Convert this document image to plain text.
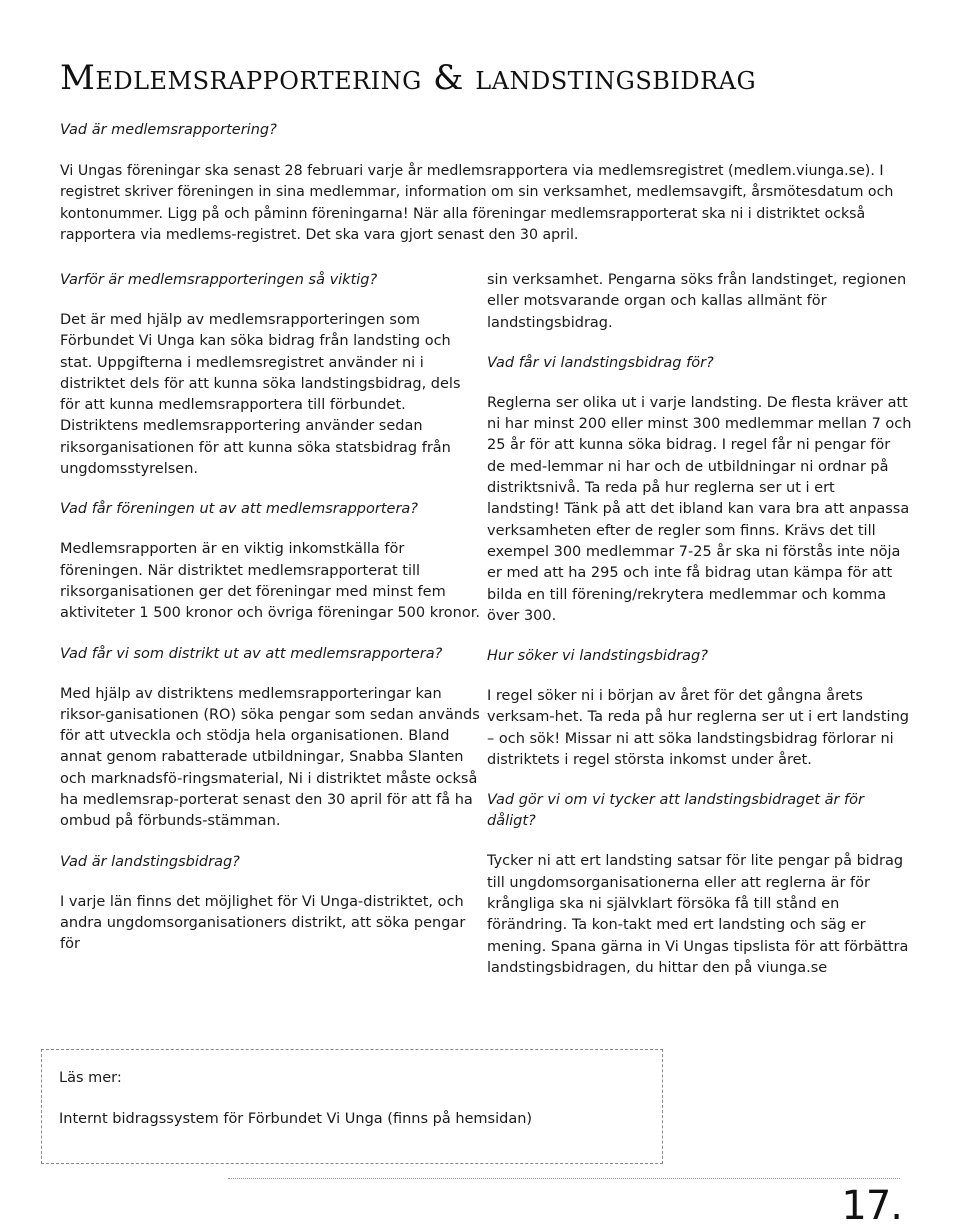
Medlemsrapportering & landstingsbidrag

Vad är medlemsrapportering?

Vi Ungas föreningar ska senast 28 februari varje år medlemsrapportera via medlemsregistret (medlem.viunga.se). I registret skriver föreningen in sina medlemmar, information om sin verksamhet, medlemsavgift, årsmötesdatum och kontonummer. Ligg på och påminn föreningarna! När alla föreningar medlemsrapporterat ska ni i distriktet också rapportera via medlems-registret. Det ska vara gjort senast den 30 april.

Varför är medlemsrapporteringen så viktig?

Det är med hjälp av medlemsrapporteringen som Förbundet Vi Unga kan söka bidrag från landsting och stat. Uppgifterna i medlemsregistret använder ni i distriktet dels för att kunna söka landstingsbidrag, dels för att kunna medlemsrapportera till förbundet. Distriktens medlemsrapportering använder sedan riksorganisationen för att kunna söka statsbidrag från ungdomsstyrelsen.

Vad får föreningen ut av att medlemsrapportera?

Medlemsrapporten är en viktig inkomstkälla för föreningen. När distriktet medlemsrapporterat till riksorganisationen ger det föreningar med minst fem aktiviteter 1 500 kronor och övriga föreningar 500 kronor.

Vad får vi som distrikt ut av att medlemsrapportera?

Med hjälp av distriktens medlemsrapporteringar kan riksor-ganisationen (RO) söka pengar som sedan används för att utveckla och stödja hela organisationen. Bland annat genom rabatterade utbildningar, Snabba Slanten och marknadsfö-ringsmaterial, Ni i distriktet måste också ha medlemsrap-porterat senast den 30 april för att få ha ombud på förbunds-stämman.

Vad är landstingsbidrag?

I varje län finns det möjlighet för Vi Unga-distriktet, och andra ungdomsorganisationers distrikt, att söka pengar för

sin verksamhet. Pengarna söks från landstinget, regionen eller motsvarande organ och kallas allmänt för landstingsbidrag.

Vad får vi landstingsbidrag för?

Reglerna ser olika ut i varje landsting. De flesta kräver att ni har minst 200 eller minst 300 medlemmar mellan 7 och 25 år för att kunna söka bidrag. I regel får ni pengar för de med-lemmar ni har och de utbildningar ni ordnar på distriktsnivå. Ta reda på hur reglerna ser ut i ert landsting! Tänk på att det ibland kan vara bra att anpassa verksamheten efter de regler som finns. Krävs det till exempel 300 medlemmar 7-25 år ska ni förstås inte nöja er med att ha 295 och inte få bidrag utan kämpa för att bilda en till förening/rekrytera medlemmar och komma över 300.

Hur söker vi landstingsbidrag?

I regel söker ni i början av året för det gångna årets verksam-het. Ta reda på hur reglerna ser ut i ert landsting – och sök! Missar ni att söka landstingsbidrag förlorar ni distriktets i regel största inkomst under året.

Vad gör vi om vi tycker att landstingsbidraget är för dåligt?

Tycker ni att ert landsting satsar för lite pengar på bidrag till ungdomsorganisationerna eller att reglerna är för krångliga ska ni självklart försöka få till stånd en förändring. Ta kon-takt med ert landsting och säg er mening. Spana gärna in Vi Ungas tipslista för att förbättra landstingsbidragen, du hittar den på viunga.se

Läs mer:
Internt bidragssystem för Förbundet Vi Unga (finns på hemsidan)
17.
